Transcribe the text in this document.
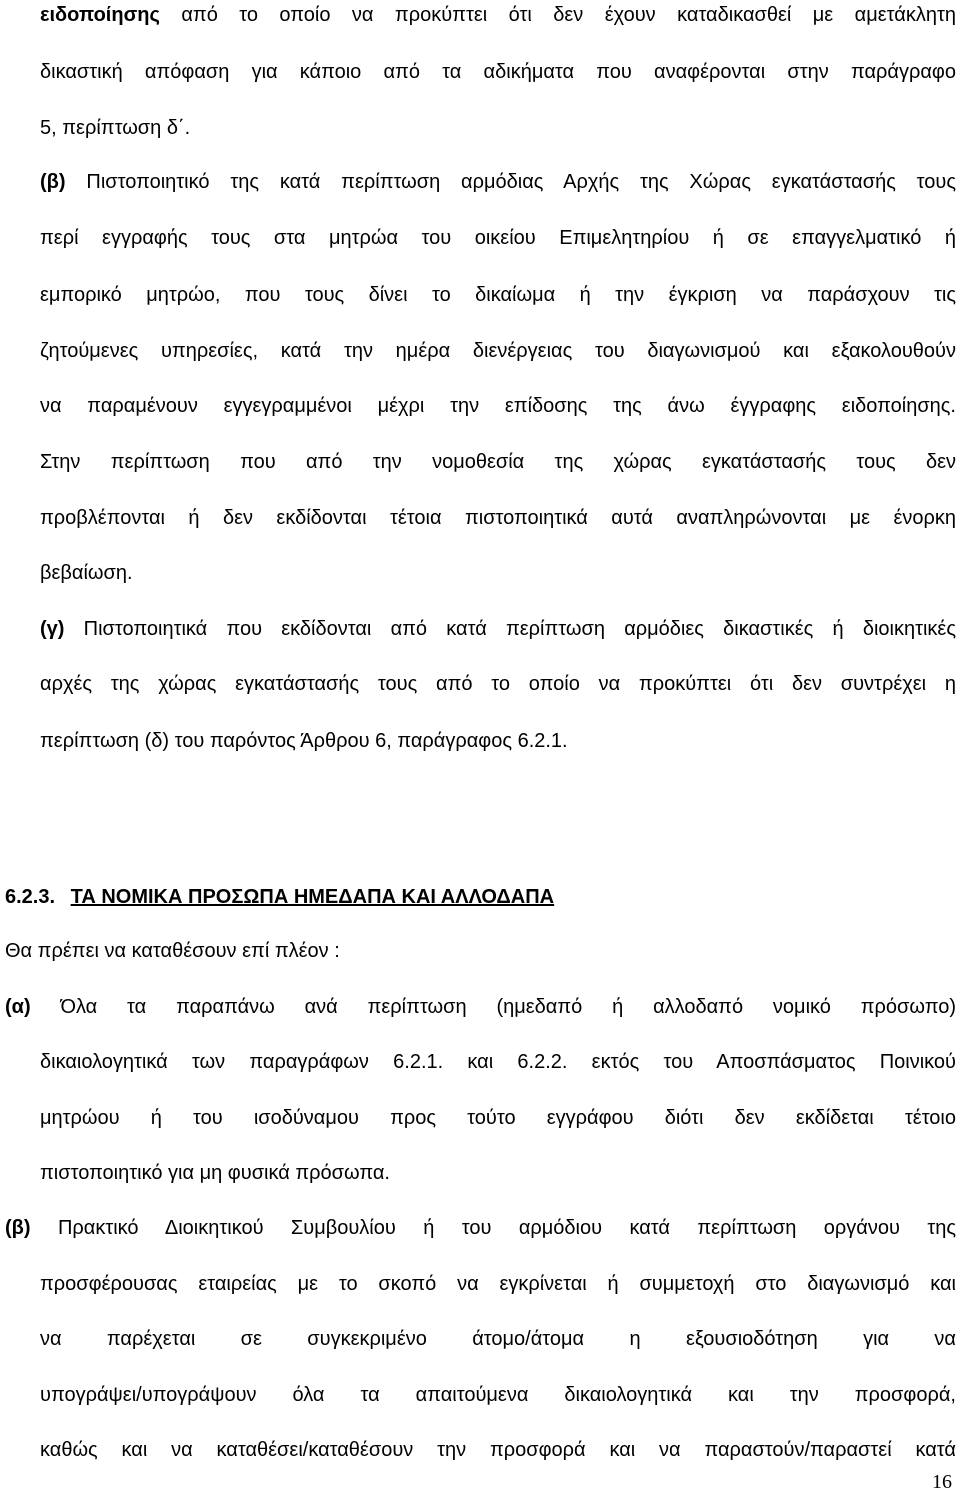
ειδοποίησης από το οποίο να προκύπτει ότι δεν έχουν καταδικασθεί με αμετάκλητη
δικαστική απόφαση για κάποιο από τα αδικήματα που αναφέρονται στην παράγραφο
5, περίπτωση δ΄.
(β) Πιστοποιητικό της κατά περίπτωση αρμόδιας Αρχής της Χώρας εγκατάστασής τους
περί εγγραφής τους στα μητρώα του οικείου Επιμελητηρίου ή σε επαγγελματικό ή
εμπορικό μητρώο, που τους δίνει το δικαίωμα ή την έγκριση να παράσχουν τις
ζητούμενες υπηρεσίες, κατά την ημέρα διενέργειας του διαγωνισμού και εξακολουθούν
να παραμένουν εγγεγραμμένοι μέχρι την επίδοσης της άνω έγγραφης ειδοποίησης.
Στην περίπτωση που από την νομοθεσία της χώρας εγκατάστασής τους δεν
προβλέπονται ή δεν εκδίδονται τέτοια πιστοποιητικά αυτά αναπληρώνονται με ένορκη
βεβαίωση.
(γ) Πιστοποιητικά που εκδίδονται από κατά περίπτωση αρμόδιες δικαστικές ή διοικητικές
αρχές της χώρας εγκατάστασής τους από το οποίο να προκύπτει ότι δεν συντρέχει η
περίπτωση (δ) του παρόντος Άρθρου 6, παράγραφος 6.2.1.
6.2.3. ΤΑ ΝΟΜΙΚΑ ΠΡΟΣΩΠΑ ΗΜΕΔΑΠΑ ΚΑΙ ΑΛΛΟΔΑΠΑ
Θα πρέπει να καταθέσουν επί πλέον :
(α) Όλα τα παραπάνω ανά περίπτωση (ημεδαπό ή αλλοδαπό νομικό πρόσωπο)
δικαιολογητικά των παραγράφων 6.2.1. και 6.2.2. εκτός του Αποσπάσματος Ποινικού
μητρώου ή του ισοδύναμου προς τούτο εγγράφου διότι δεν εκδίδεται τέτοιο
πιστοποιητικό για μη φυσικά πρόσωπα.
(β) Πρακτικό Διοικητικού Συμβουλίου ή του αρμόδιου κατά περίπτωση οργάνου της
προσφέρουσας εταιρείας με το σκοπό να εγκρίνεται ή συμμετοχή στο διαγωνισμό και
να παρέχεται σε συγκεκριμένο άτομο/άτομα η εξουσιοδότηση για να
υπογράψει/υπογράψουν όλα τα απαιτούμενα δικαιολογητικά και την προσφορά,
καθώς και να καταθέσει/καταθέσουν την προσφορά και να παραστούν/παραστεί κατά
16
